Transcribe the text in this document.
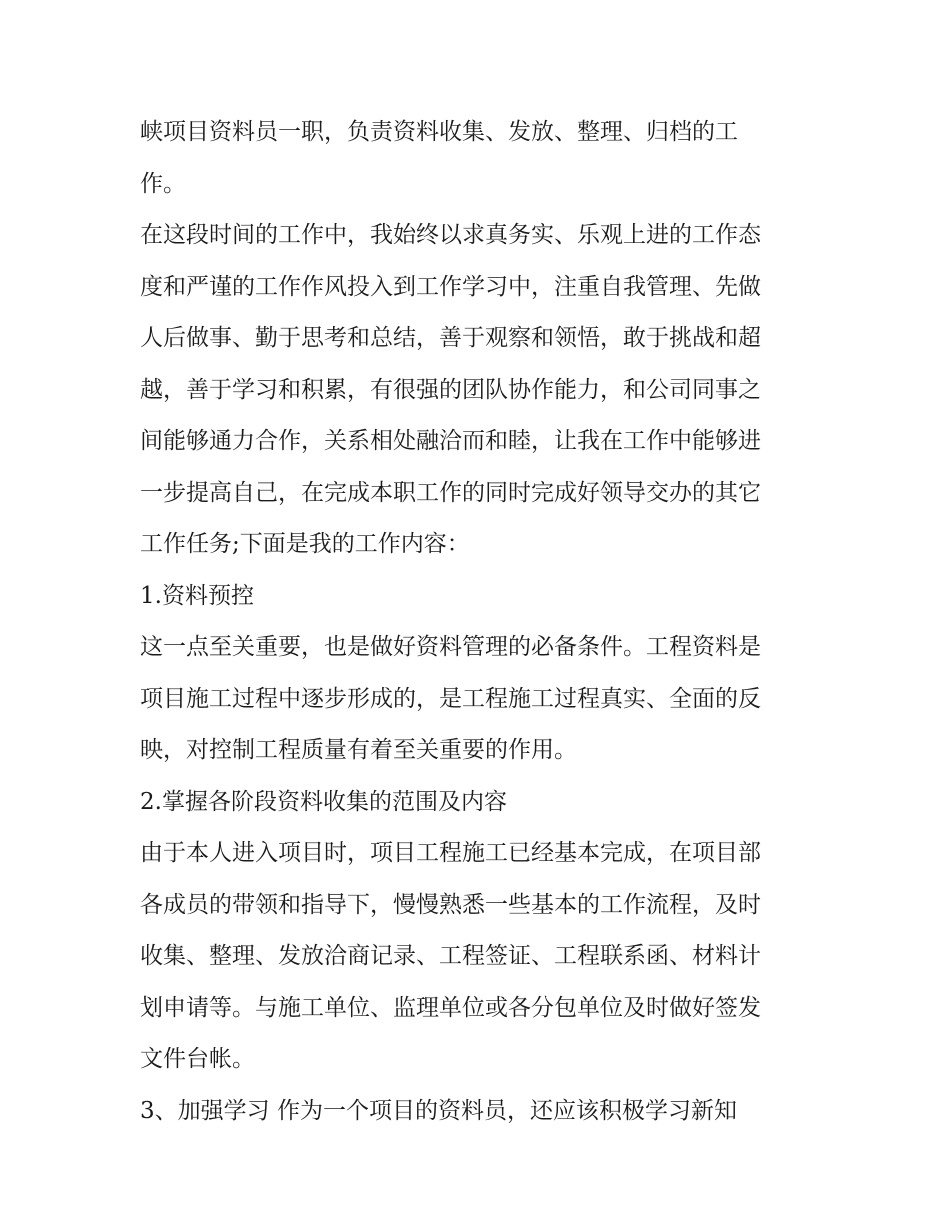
峡项目资料员一职，负责资料收集、发放、整理、归档的工
作。
在这段时间的工作中，我始终以求真务实、乐观上进的工作态
度和严谨的工作作风投入到工作学习中，注重自我管理、先做
人后做事、勤于思考和总结，善于观察和领悟，敢于挑战和超
越，善于学习和积累，有很强的团队协作能力，和公司同事之
间能够通力合作，关系相处融洽而和睦，让我在工作中能够进
一步提高自己，在完成本职工作的同时完成好领导交办的其它
工作任务;下面是我的工作内容：
1.资料预控
这一点至关重要，也是做好资料管理的必备条件。工程资料是
项目施工过程中逐步形成的，是工程施工过程真实、全面的反
映，对控制工程质量有着至关重要的作用。
2.掌握各阶段资料收集的范围及内容
由于本人进入项目时，项目工程施工已经基本完成，在项目部
各成员的带领和指导下，慢慢熟悉一些基本的工作流程，及时
收集、整理、发放洽商记录、工程签证、工程联系函、材料计
划申请等。与施工单位、监理单位或各分包单位及时做好签发
文件台帐。
3、加强学习 作为一个项目的资料员，还应该积极学习新知
